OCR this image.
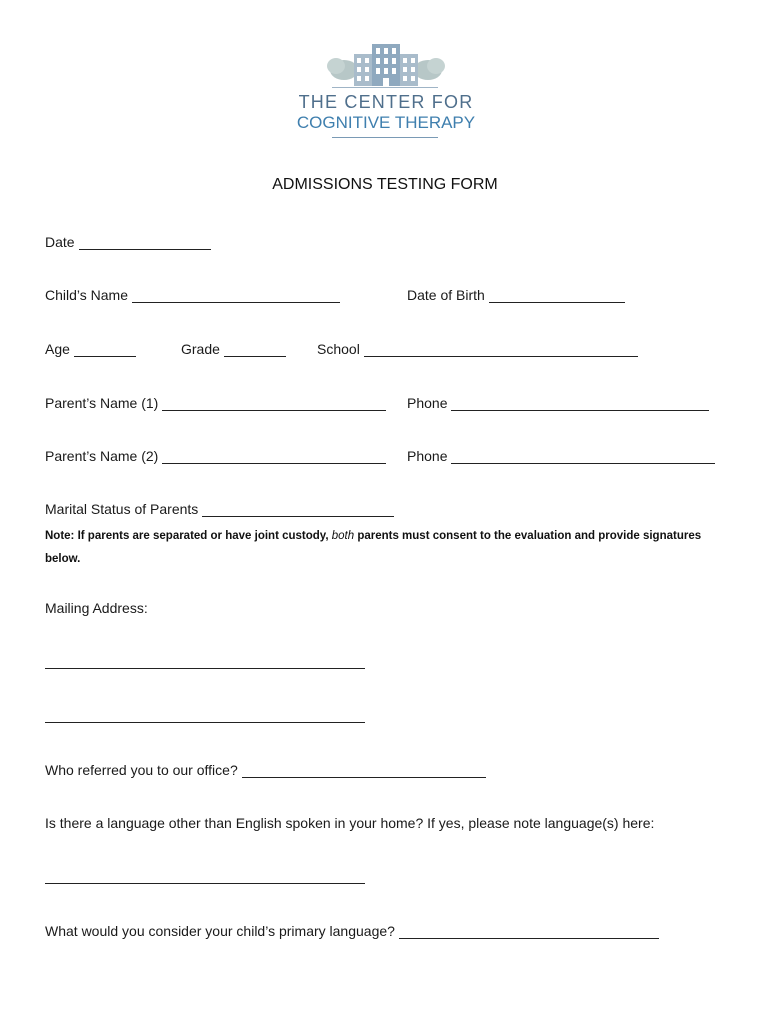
THE CENTER FOR
COGNITIVE THERAPY
ADMISSIONS TESTING FORM
Date
Child’s Name	Date of Birth
Age	Grade	School
Parent’s Name (1)	Phone
Parent’s Name (2)	Phone
Marital Status of Parents
Note: If parents are separated or have joint custody, both parents must consent to the evaluation and provide signatures below.
Mailing Address:
Who referred you to our office?
Is there a language other than English spoken in your home? If yes, please note language(s) here:
What would you consider your child’s primary language?
